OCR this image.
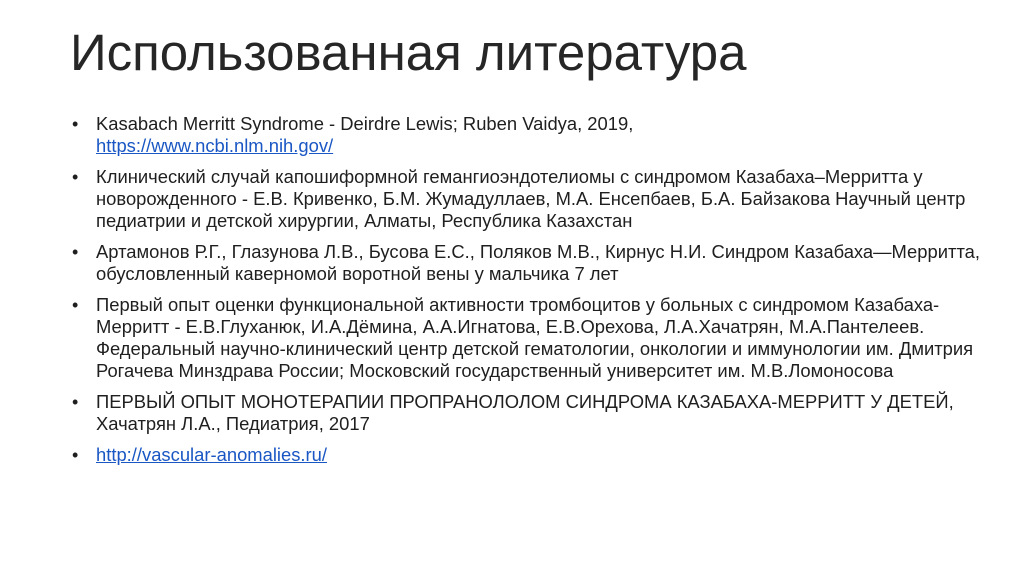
Использованная литература
• Kasabach Merritt Syndrome - Deirdre Lewis; Ruben Vaidya, 2019,
https://www.ncbi.nlm.nih.gov/
• Клинический случай капошиформной гемангиоэндотелиомы с синдромом Казабаха–Мерритта у новорожденного - Е.В. Кривенко, Б.М. Жумадуллаев, М.А. Енсепбаев, Б.А. Байзакова Научный центр педиатрии и детской хирургии, Алматы, Республика Казахстан
• Артамонов Р.Г., Глазунова Л.В., Бусова Е.С., Поляков М.В., Кирнус Н.И. Синдром Казабаха—Мерритта, обусловленный каверномой воротной вены у мальчика 7 лет
• Первый опыт оценки функциональной активности тромбоцитов у больных с синдромом Казабаха-Мерритт - Е.В.Глуханюк, И.А.Дёмина, А.А.Игнатова, Е.В.Орехова, Л.А.Хачатрян, М.А.Пантелеев. Федеральный научно-клинический центр детской гематологии, онкологии и иммунологии им. Дмитрия Рогачева Минздрава России; Московский государственный университет им. М.В.Ломоносова
• ПЕРВЫЙ ОПЫТ МОНОТЕРАПИИ ПРОПРАНОЛОЛОМ СИНДРОМА КАЗАБАХА-МЕРРИТТ У ДЕТЕЙ, Хачатрян Л.А., Педиатрия, 2017
• http://vascular-anomalies.ru/
